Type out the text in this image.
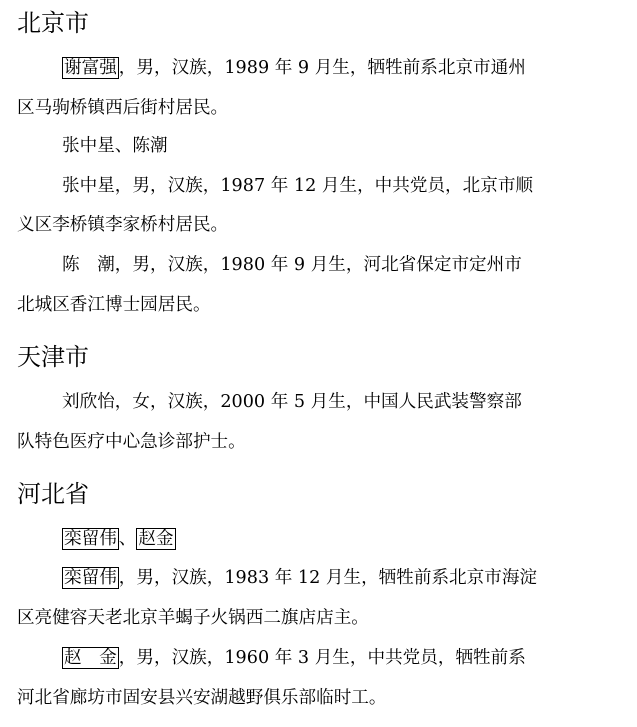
北京市
谢富强 ，男，汉族，1989 年 9 月生，牺牲前系北京市通州
区马驹桥镇西后街村居民。
张中星、陈潮
张中星，男，汉族，1987 年 12 月生，中共党员，北京市顺
义区李桥镇李家桥村居民。
陈　潮，男，汉族，1980 年 9 月生，河北省保定市定州市
北城区香江博士园居民。
天津市
刘欣怡，女，汉族，2000 年 5 月生，中国人民武装警察部
队特色医疗中心急诊部护士。
河北省
栾留伟 、 赵金
栾留伟 ，男，汉族，1983 年 12 月生，牺牲前系北京市海淀
区亮健容天老北京羊蝎子火锅西二旗店店主。
赵　金 ，男，汉族，1960 年 3 月生，中共党员，牺牲前系
河北省廊坊市固安县兴安湖越野俱乐部临时工。
